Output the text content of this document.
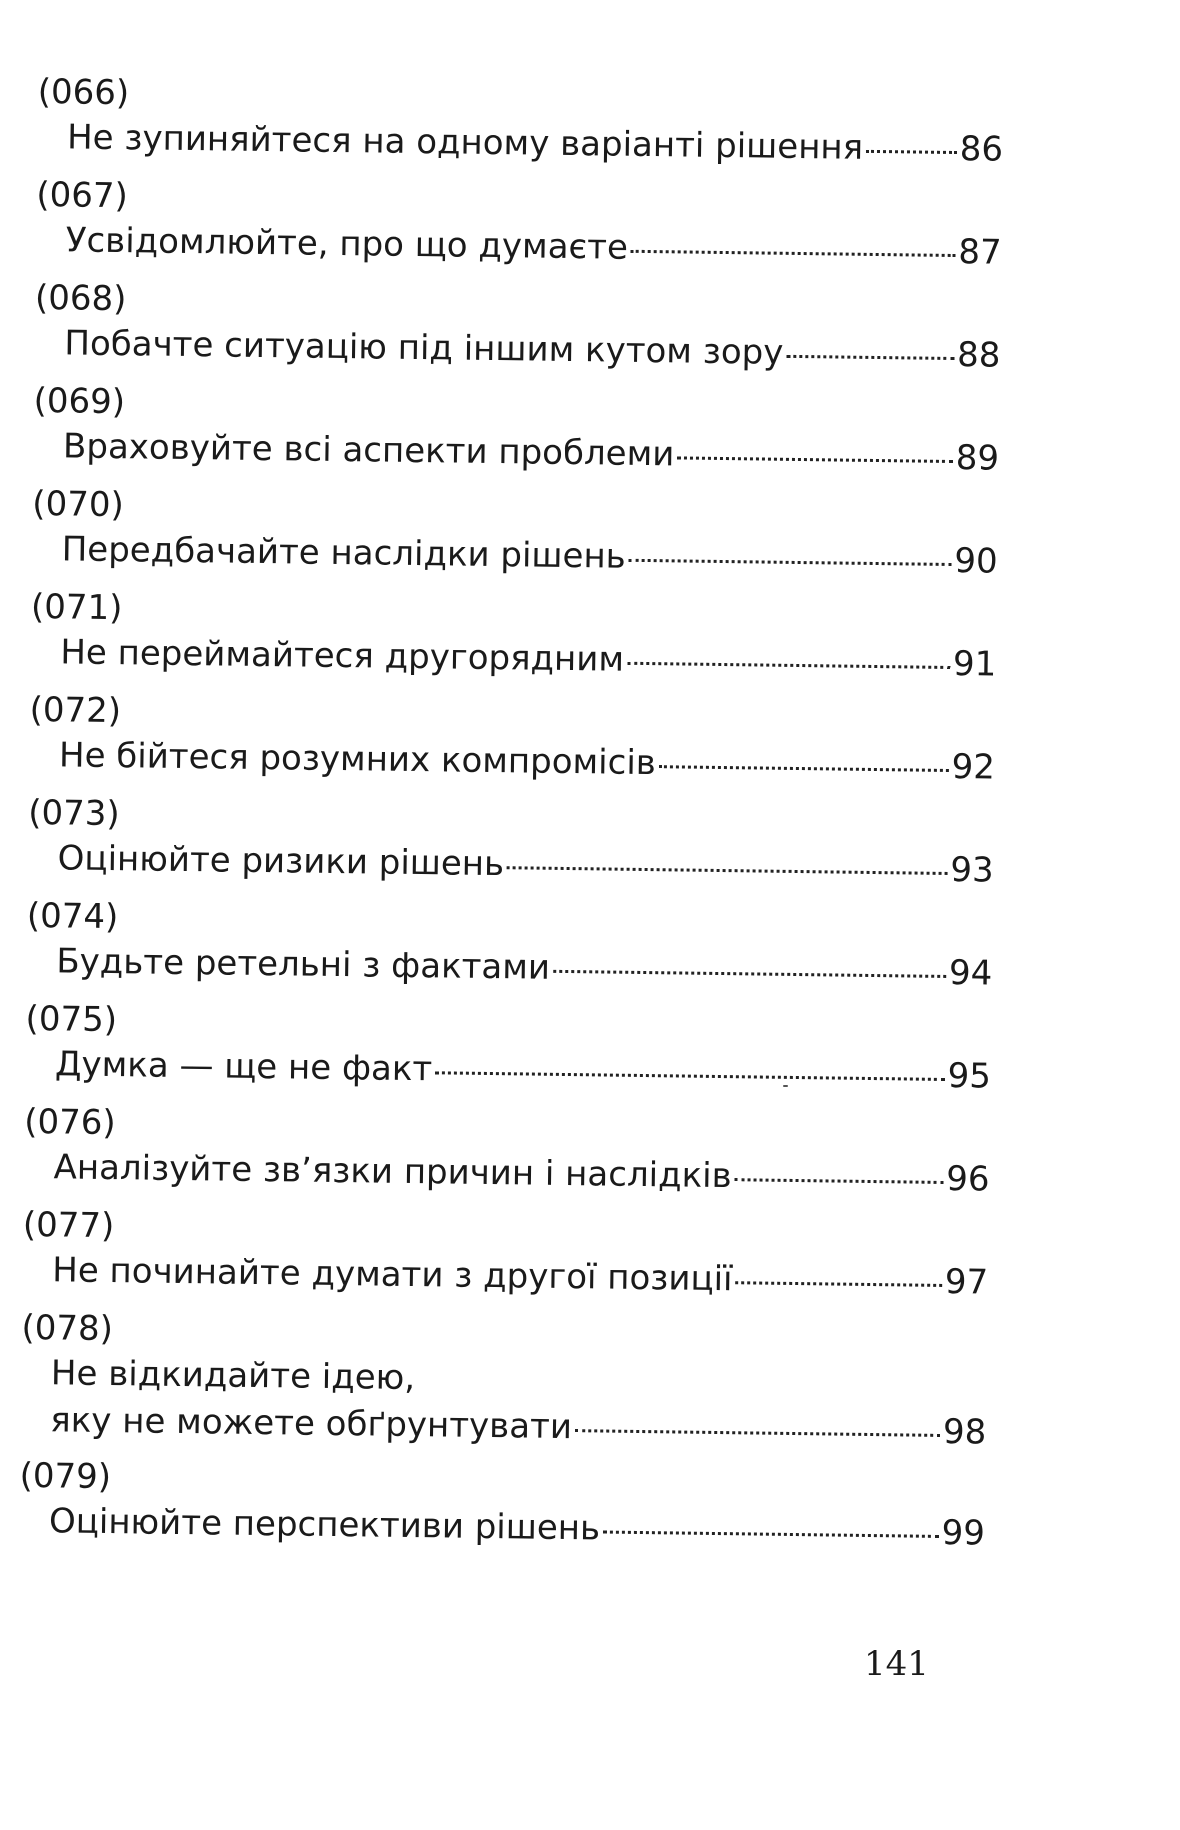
(066)
Не зупиняйтеся на одному варіанті рішення	86
(067)
Усвідомлюйте, про що думаєте	87
(068)
Побачте ситуацію під іншим кутом зору	88
(069)
Враховуйте всі аспекти проблеми	89
(070)
Передбачайте наслідки рішень	90
(071)
Не переймайтеся другорядним	91
(072)
Не бійтеся розумних компромісів	92
(073)
Оцінюйте ризики рішень	93
(074)
Будьте ретельні з фактами	94
(075)
Думка — ще не факт	95
(076)
Аналізуйте зв’язки причин і наслідків	96
(077)
Не починайте думати з другої позиції	97
(078)
Не відкидайте ідею,
яку не можете обґрунтувати	98
(079)
Оцінюйте перспективи рішень	99
141
